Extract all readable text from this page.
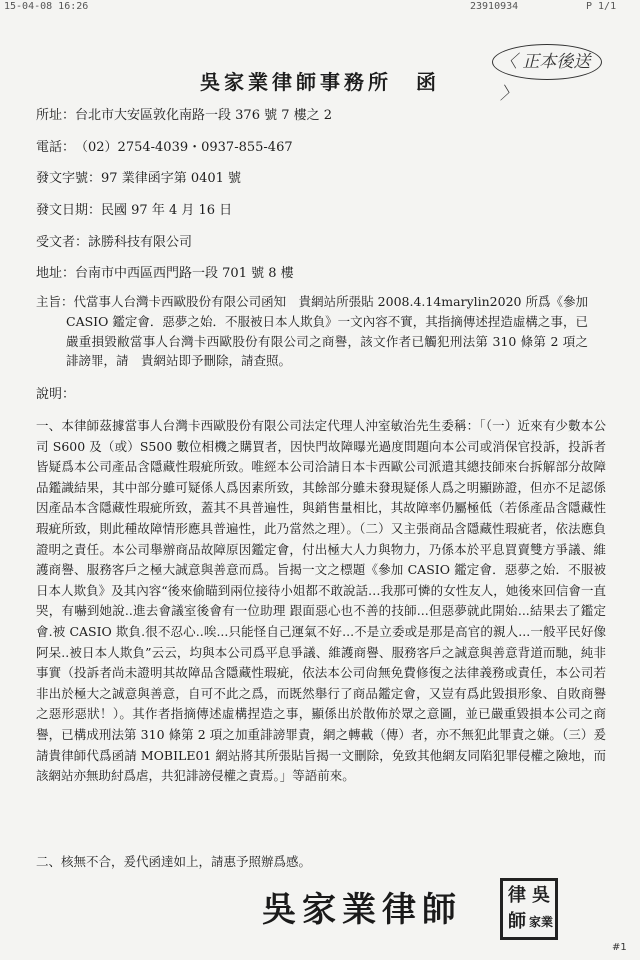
15-04-08 16:26	23910934	P 1/1
吳家業律師事務所　函
〈 正本後送 〉
所址：台北市大安區敦化南路一段 376 號 7 樓之 2
電話：（02）2754-4039・0937-855-467
發文字號：97 業律函字第 0401 號
發文日期：民國 97 年 4 月 16 日
受文者：詠勝科技有限公司
地址：台南市中西區西門路一段 701 號 8 樓
主旨： 代當事人台灣卡西歐股份有限公司函知　貴網站所張貼 2008.4.14marylin2020 所爲《參加 CASIO 鑑定會．惡夢之始．不服被日本人欺負》一文內容不實，其指摘傳述捏造虛構之事，已嚴重損毀敝當事人台灣卡西歐股份有限公司之商譽，該文作者已觸犯刑法第 310 條第 2 項之誹謗罪，請　貴網站即予刪除，請查照。
說明：
一、本律師茲據當事人台灣卡西歐股份有限公司法定代理人沖室敏治先生委稱：「（一）近來有少數本公司 S600 及（或）S500 數位相機之購買者，因快門故障曝光過度問題向本公司或消保官投訴，投訴者皆疑爲本公司產品含隱藏性瑕疵所致。唯經本公司洽請日本卡西歐公司派遣其總技師來台拆解部分故障品鑑識結果，其中部分雖可疑係人爲因素所致，其餘部分雖未發現疑係人爲之明顯跡證，但亦不足認係因產品本含隱藏性瑕疵所致，蓋其不具普遍性，與銷售量相比，其故障率仍屬極低（若係產品含隱藏性瑕疵所致，則此種故障情形應具普遍性，此乃當然之理）。（二）又主張商品含隱藏性瑕疵者，依法應負證明之責任。本公司舉辦商品故障原因鑑定會，付出極大人力與物力，乃係本於平息買賣雙方爭議、維護商譽、服務客戶之極大誠意與善意而爲。旨揭一文之標題《參加 CASIO 鑑定會．惡夢之始．不服被日本人欺負》及其內容“後來偷瞄到兩位接待小姐都不敢說話…我那可憐的女性友人，她後來回信會一直哭，有嚇到她說..進去會議室後會有一位助理 跟面惡心也不善的技師...但惡夢就此開始...結果去了鑑定會.被 CASIO 欺負.很不忍心..唉...只能怪自己運氣不好...不是立委或是那是高官的親人...一般平民好像阿呆..被日本人欺負”云云，均與本公司爲平息爭議、維護商譽、服務客戶之誠意與善意背道而馳，純非事實（投訴者尚未證明其故障品含隱藏性瑕疵，依法本公司尙無免費修復之法律義務或責任，本公司若非出於極大之誠意與善意，自可不此之爲，而既然舉行了商品鑑定會，又豈有爲此毀損形象、自敗商譽之惡形惡狀！）。其作者指摘傳述虛構捏造之事，顯係出於散佈於眾之意圖，並已嚴重毀損本公司之商譽，已構成刑法第 310 條第 2 項之加重誹謗罪責，網之轉載（傳）者，亦不無犯此罪責之嫌。（三）爰請貴律師代爲函請 MOBILE01 網站將其所張貼旨揭一文刪除，免致其他網友同陷犯罪侵權之險地，而該網站亦無助紂爲虐，共犯誹謗侵權之責焉。」等語前來。
二、核無不合，爰代函達如上，請惠予照辦爲感。
吳家業律師	律 吳
師 家業
#1
